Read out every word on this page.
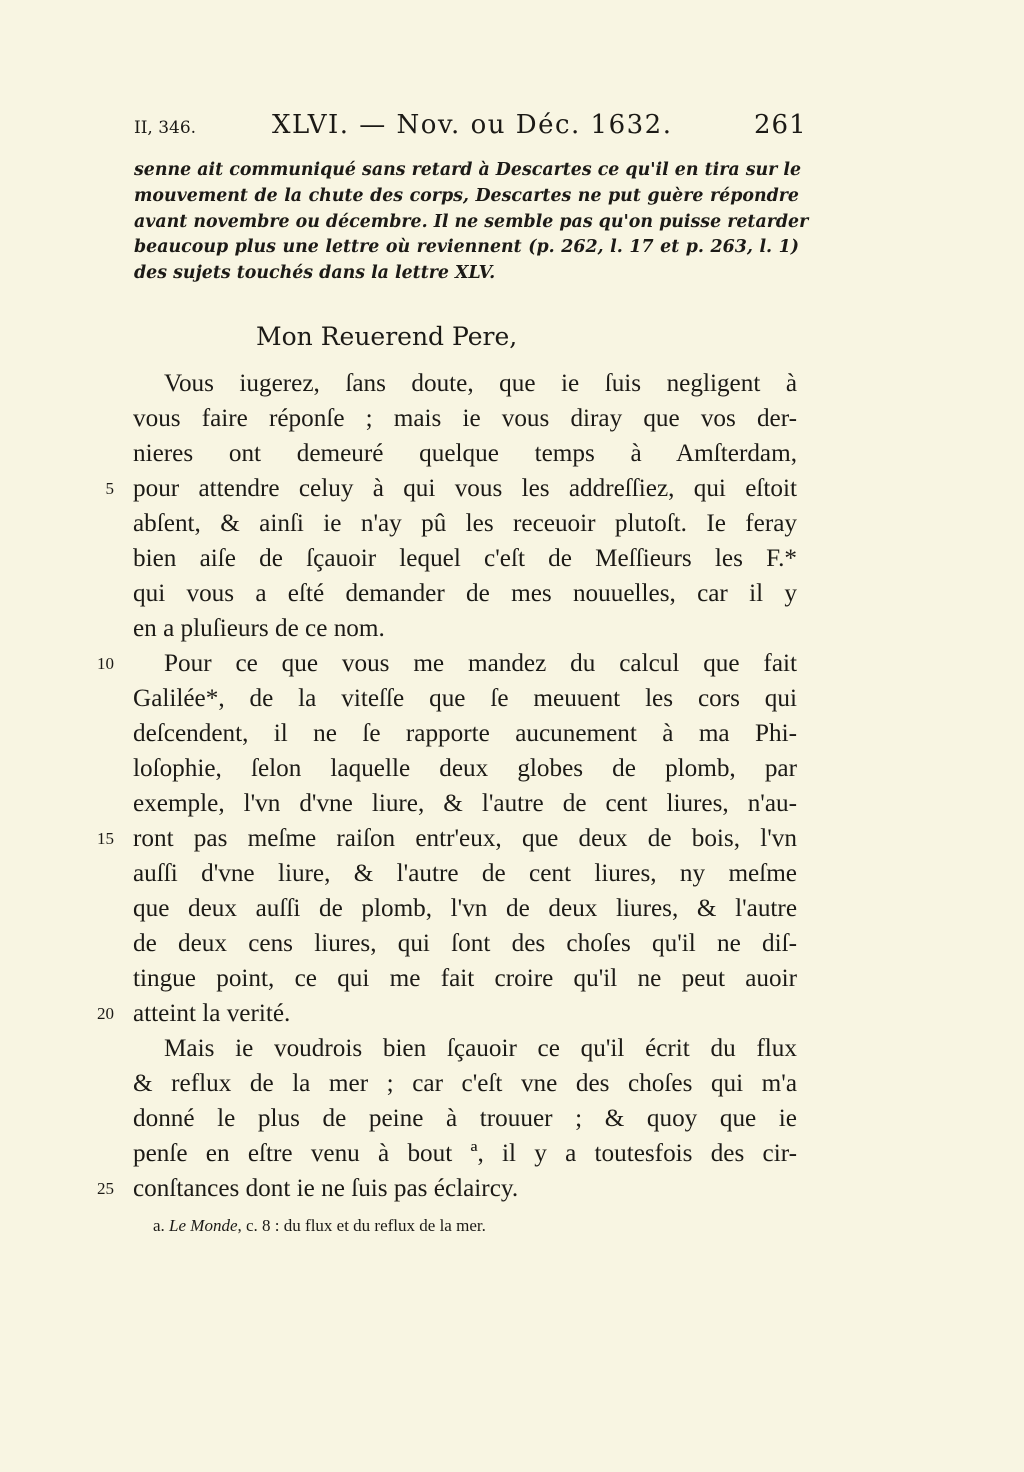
II, 346.	XLVI. — Nov. ou Déc. 1632.	261
senne ait communiqué sans retard à Descartes ce qu'il en tira sur le
mouvement de la chute des corps, Descartes ne put guère répondre
avant novembre ou décembre. Il ne semble pas qu'on puisse retarder
beaucoup plus une lettre où reviennent (p. 262, l. 17 et p. 263, l. 1)
des sujets touchés dans la lettre XLV.
Mon Reuerend Pere,
Vous iugerez, ſans doute, que ie ſuis negligent à
vous faire réponſe ; mais ie vous diray que vos der-
nieres ont demeuré quelque temps à Amſterdam,
pour attendre celuy à qui vous les addreſſiez, qui eſtoit
abſent, & ainſi ie n'ay pû les receuoir plutoſt. Ie feray
bien aiſe de ſçauoir lequel c'eſt de Meſſieurs les F.*
qui vous a eſté demander de mes nouuelles, car il y
en a pluſieurs de ce nom.
Pour ce que vous me mandez du calcul que fait
Galilée*, de la viteſſe que ſe meuuent les cors qui
deſcendent, il ne ſe rapporte aucunement à ma Phi-
loſophie, ſelon laquelle deux globes de plomb, par
exemple, l'vn d'vne liure, & l'autre de cent liures, n'au-
ront pas meſme raiſon entr'eux, que deux de bois, l'vn
auſſi d'vne liure, & l'autre de cent liures, ny meſme
que deux auſſi de plomb, l'vn de deux liures, & l'autre
de deux cens liures, qui ſont des choſes qu'il ne diſ-
tingue point, ce qui me fait croire qu'il ne peut auoir
atteint la verité.
Mais ie voudrois bien ſçauoir ce qu'il écrit du flux
& reflux de la mer ; car c'eſt vne des choſes qui m'a
donné le plus de peine à trouuer ; & quoy que ie
penſe en eſtre venu à bout ª, il y a toutesfois des cir-
conſtances dont ie ne ſuis pas éclaircy.
5
10
15
20
25
a. Le Monde, c. 8 : du flux et du reflux de la mer.
